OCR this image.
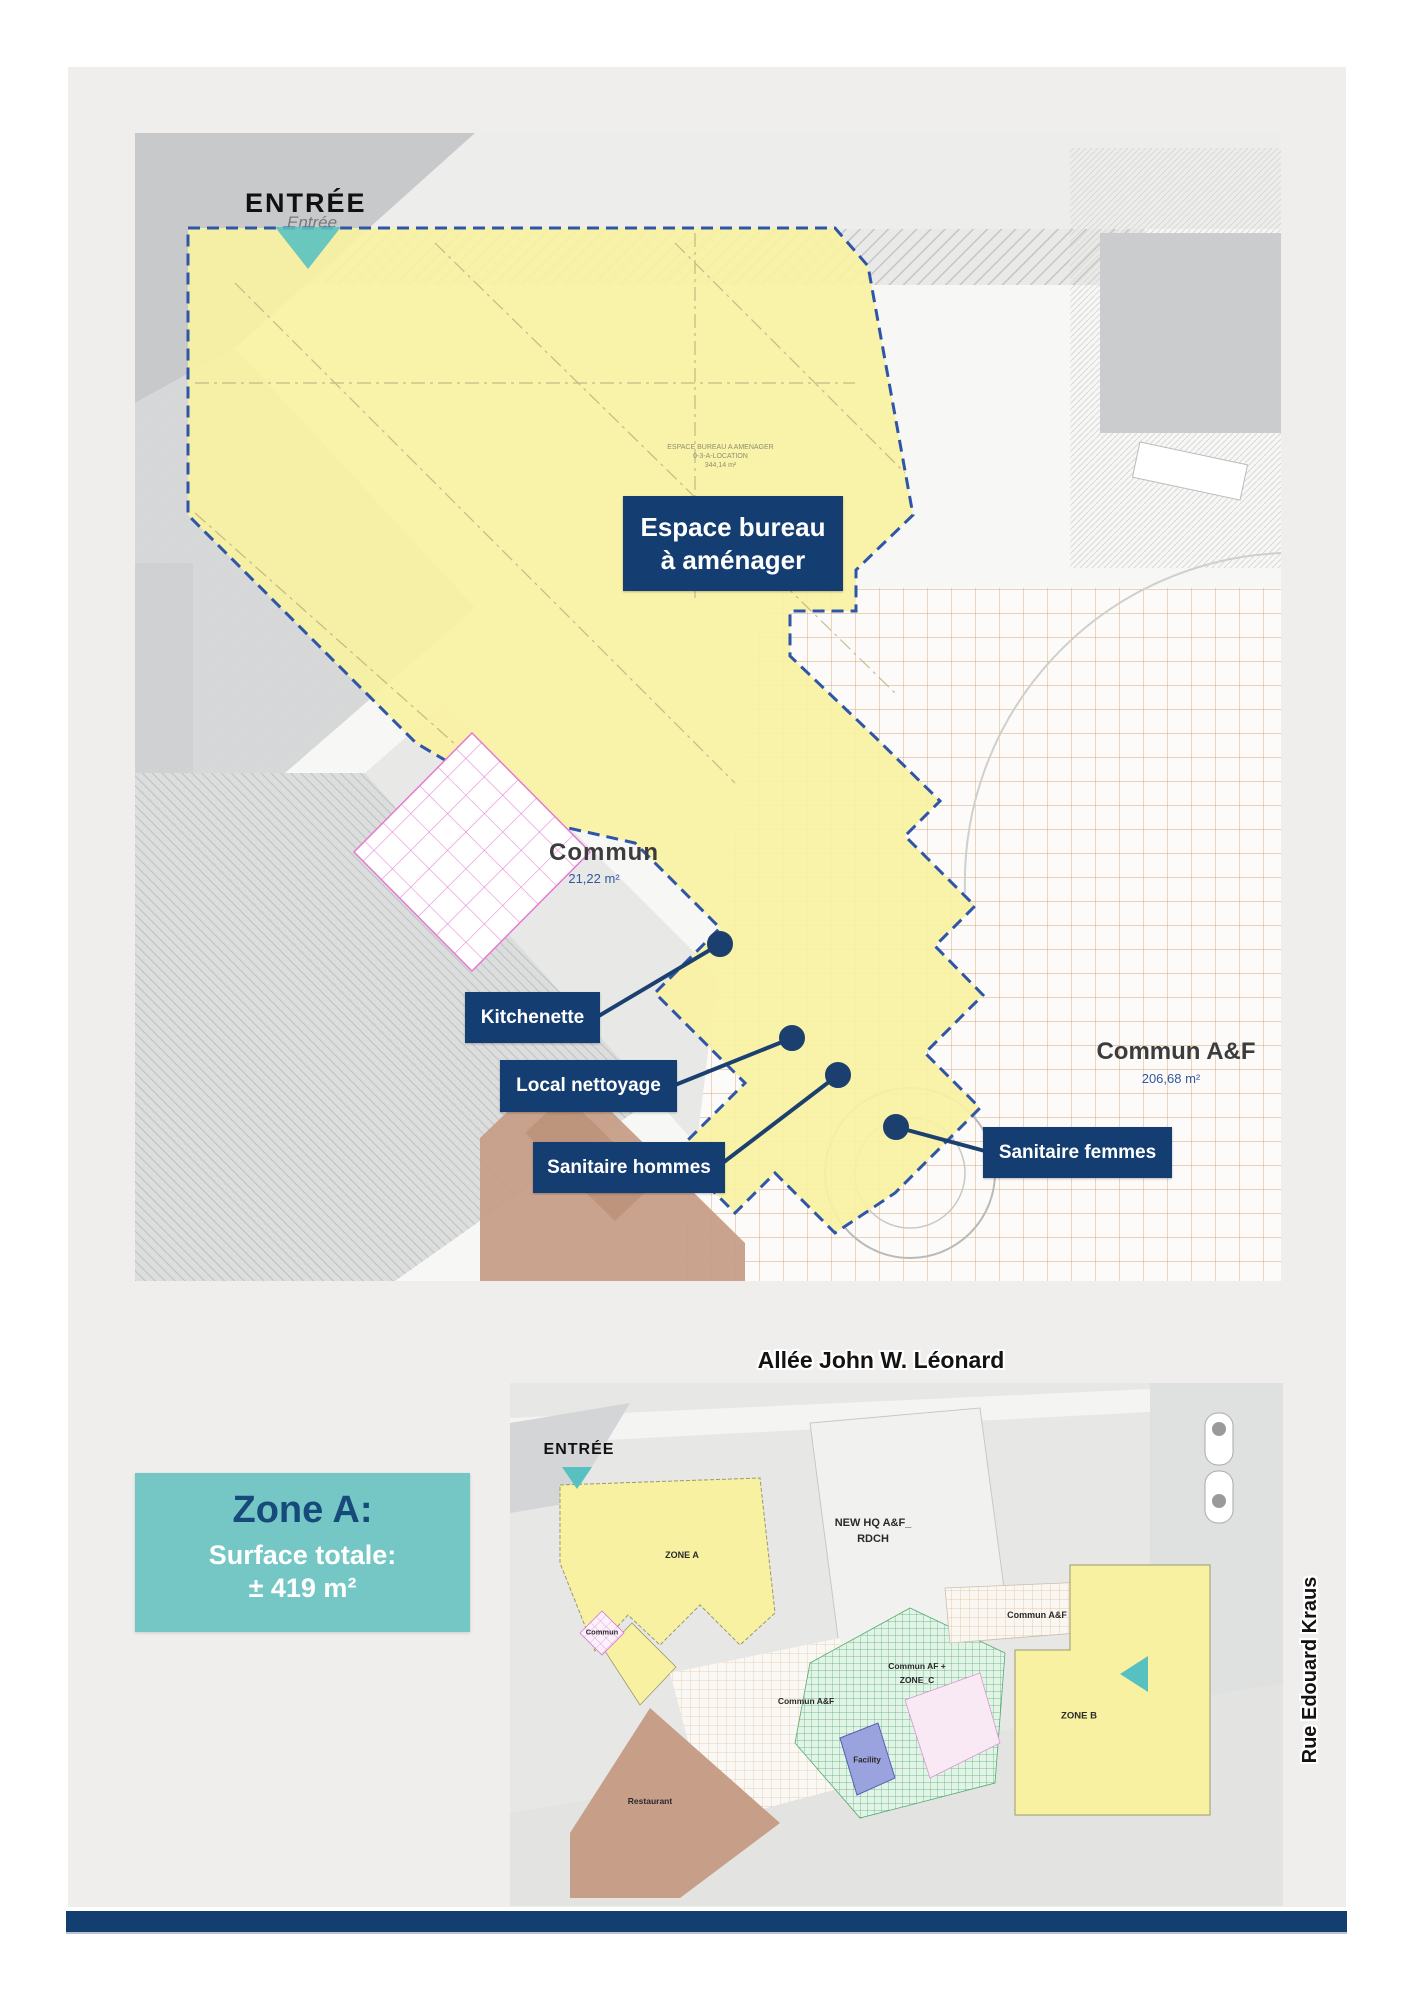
Entrée
ENTRÉE
ESPACE BUREAU A AMENAGER
0-3-A-LOCATION
344,14 m²
Espace bureau
à aménager
Commun
21,22 m²
Commun A&F
206,68 m²
Kitchenette
Local nettoyage
Sanitaire hommes
Sanitaire femmes
Allée John W. Léonard
Rue Edouard Kraus
Zone A:
Surface totale:
± 419 m²
ENTRÉE
ZONE A
NEW HQ A&F_
RDCH
Commun
Commun A&F
Commun A&F
Commun AF +
ZONE_C
Facility
Restaurant
ZONE B
